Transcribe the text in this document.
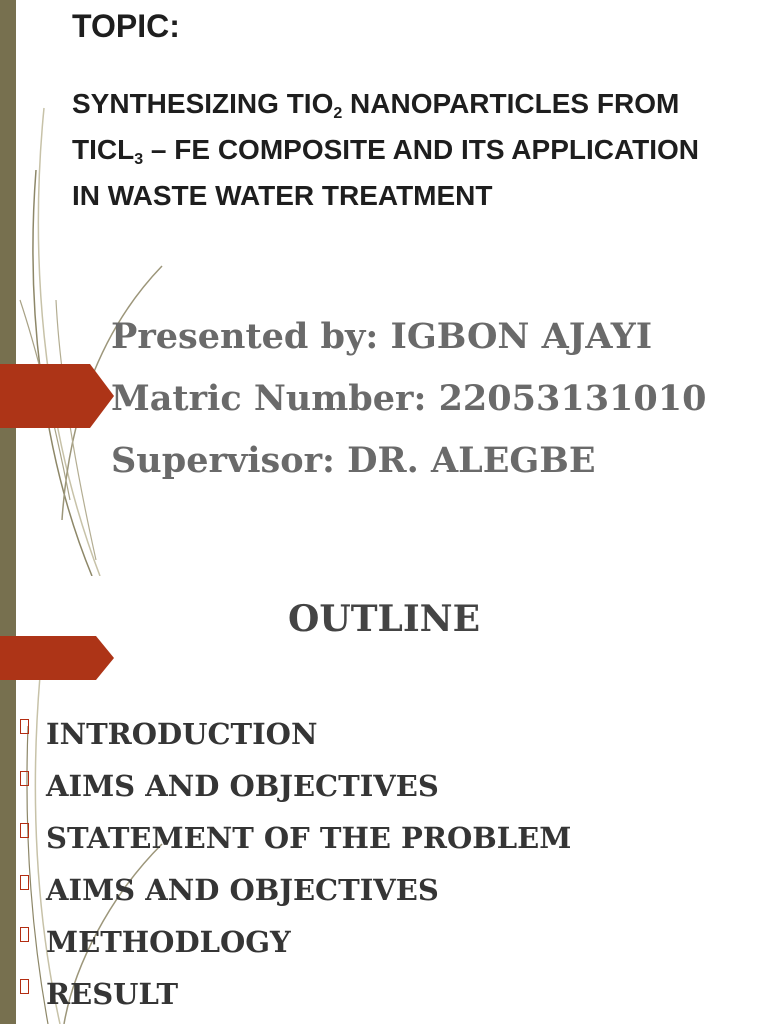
TOPIC:
SYNTHESIZING $TIO_2$ NANOPARTICLES FROM $TICL_3$ – FE COMPOSITE AND ITS APPLICATION IN WASTE WATER TREATMENT
Presented by: IGBON AJAYI
Matric Number: 22053131010
Supervisor: DR. ALEGBE
OUTLINE
INTRODUCTION
AIMS AND OBJECTIVES
STATEMENT OF THE PROBLEM
AIMS AND OBJECTIVES
METHODLOGY
RESULT
